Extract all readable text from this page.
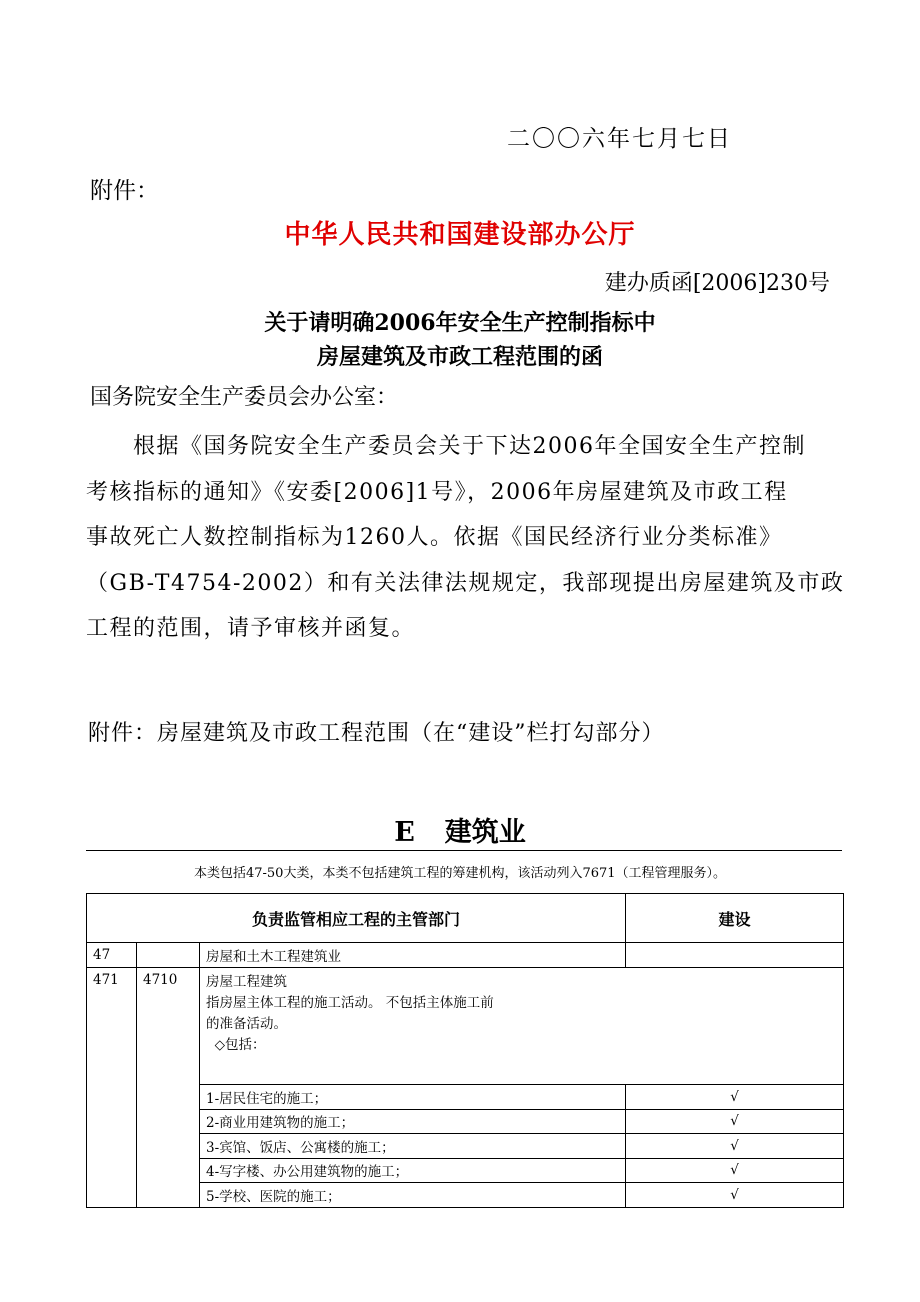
二〇〇六年七月七日
附件：
中华人民共和国建设部办公厅
建办质函[2006]230号
关于请明确2006年安全生产控制指标中
房屋建筑及市政工程范围的函
国务院安全生产委员会办公室：
　　根据《国务院安全生产委员会关于下达2006年全国安全生产控制
考核指标的通知》《安委[2006]1号》，2006年房屋建筑及市政工程
事故死亡人数控制指标为1260人。依据《国民经济行业分类标准》
（GB-T4754-2002）和有关法律法规规定，我部现提出房屋建筑及市政
工程的范围，请予审核并函复。
附件：房屋建筑及市政工程范围（在“建设”栏打勾部分）
E 建筑业
本类包括47-50大类，本类不包括建筑工程的筹建机构，该活动列入7671（工程管理服务）。
负责监管相应工程的主管部门			建设
47		房屋和土木工程建筑业	
471	4710	房屋工程建筑
指房屋主体工程的施工活动。 不包括主体施工前
的准备活动。
◇包括：	

		1-居民住宅的施工；	√
		2-商业用建筑物的施工；	√
		3-宾馆、饭店、公寓楼的施工；	√
		4-写字楼、办公用建筑物的施工；	√
		5-学校、医院的施工；	√
